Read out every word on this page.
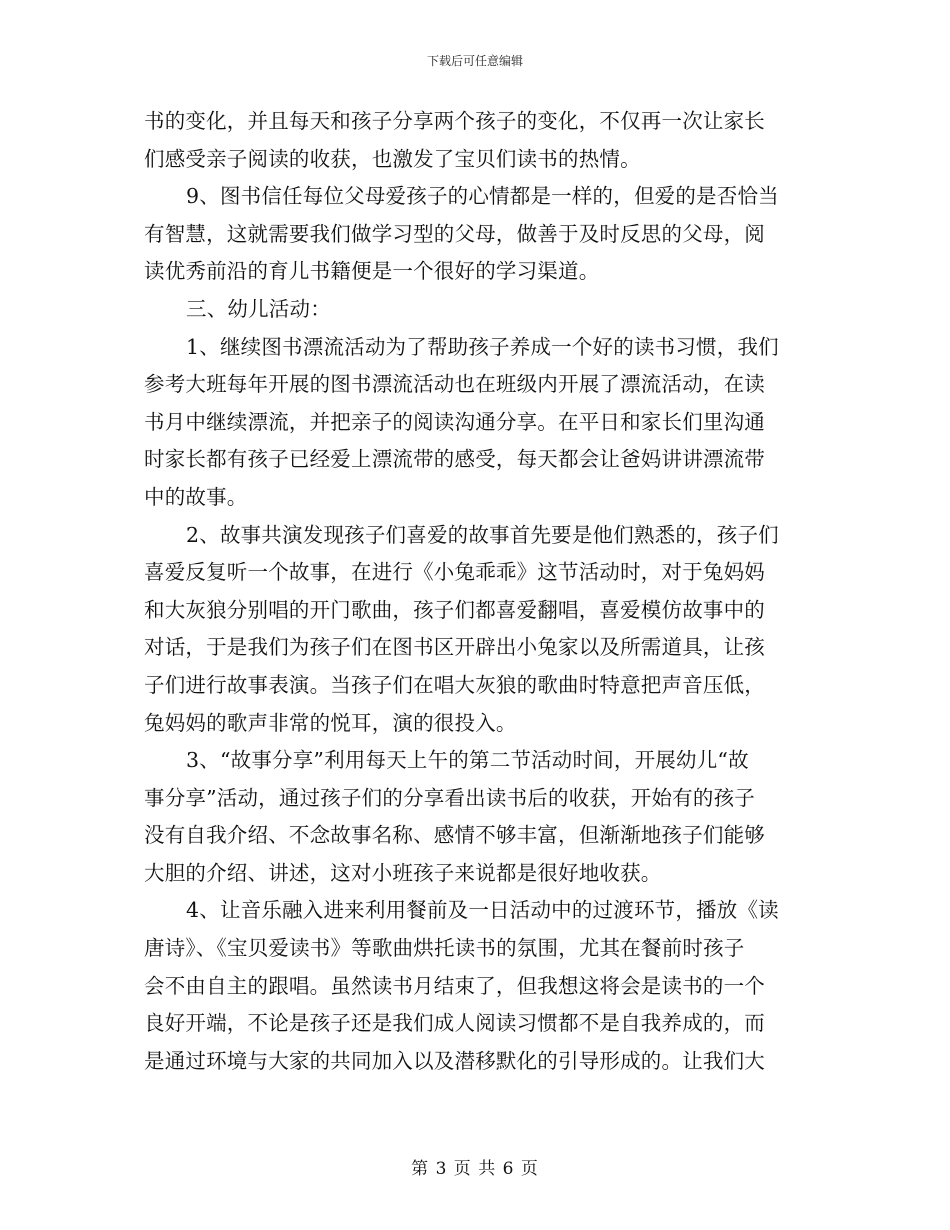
下载后可任意编辑
书的变化，并且每天和孩子分享两个孩子的变化，不仅再一次让家长
们感受亲子阅读的收获，也激发了宝贝们读书的热情。
9、图书信任每位父母爱孩子的心情都是一样的，但爱的是否恰当
有智慧，这就需要我们做学习型的父母，做善于及时反思的父母，阅
读优秀前沿的育儿书籍便是一个很好的学习渠道。
三、幼儿活动：
1、继续图书漂流活动为了帮助孩子养成一个好的读书习惯，我们
参考大班每年开展的图书漂流活动也在班级内开展了漂流活动，在读
书月中继续漂流，并把亲子的阅读沟通分享。在平日和家长们里沟通
时家长都有孩子已经爱上漂流带的感受，每天都会让爸妈讲讲漂流带
中的故事。
2、故事共演发现孩子们喜爱的故事首先要是他们熟悉的，孩子们
喜爱反复听一个故事，在进行《小兔乖乖》这节活动时，对于兔妈妈
和大灰狼分别唱的开门歌曲，孩子们都喜爱翻唱，喜爱模仿故事中的
对话，于是我们为孩子们在图书区开辟出小兔家以及所需道具，让孩
子们进行故事表演。当孩子们在唱大灰狼的歌曲时特意把声音压低，
兔妈妈的歌声非常的悦耳，演的很投入。
3、“故事分享”利用每天上午的第二节活动时间，开展幼儿“故
事分享”活动，通过孩子们的分享看出读书后的收获，开始有的孩子
没有自我介绍、不念故事名称、感情不够丰富，但渐渐地孩子们能够
大胆的介绍、讲述，这对小班孩子来说都是很好地收获。
4、让音乐融入进来利用餐前及一日活动中的过渡环节，播放《读
唐诗》、《宝贝爱读书》等歌曲烘托读书的氛围，尤其在餐前时孩子
会不由自主的跟唱。虽然读书月结束了，但我想这将会是读书的一个
良好开端，不论是孩子还是我们成人阅读习惯都不是自我养成的，而
是通过环境与大家的共同加入以及潜移默化的引导形成的。让我们大
第 3 页 共 6 页
